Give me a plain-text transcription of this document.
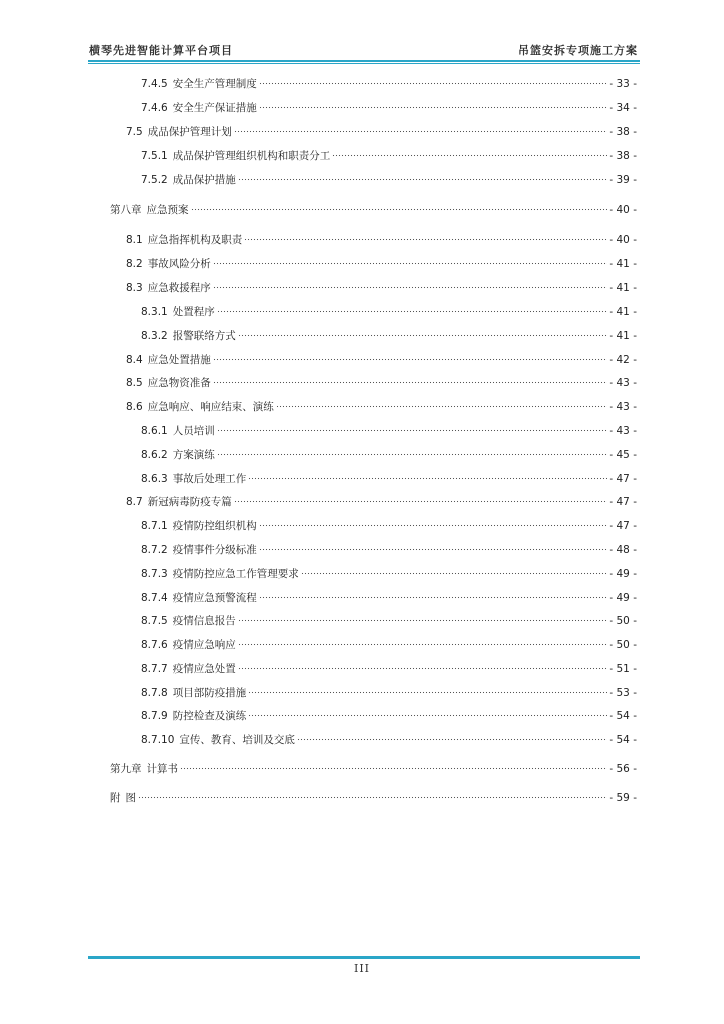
横琴先进智能计算平台项目	吊篮安拆专项施工方案
7.4.5 安全生产管理制度	- 33 -
7.4.6 安全生产保证措施	- 34 -
7.5 成品保护管理计划	- 38 -
7.5.1 成品保护管理组织机构和职责分工	- 38 -
7.5.2 成品保护措施	- 39 -
第八章 应急预案	- 40 -
8.1 应急指挥机构及职责	- 40 -
8.2 事故风险分析	- 41 -
8.3 应急救援程序	- 41 -
8.3.1 处置程序	- 41 -
8.3.2 报警联络方式	- 41 -
8.4 应急处置措施	- 42 -
8.5 应急物资准备	- 43 -
8.6 应急响应、响应结束、演练	- 43 -
8.6.1 人员培训	- 43 -
8.6.2 方案演练	- 45 -
8.6.3 事故后处理工作	- 47 -
8.7 新冠病毒防疫专篇	- 47 -
8.7.1 疫情防控组织机构	- 47 -
8.7.2 疫情事件分级标准	- 48 -
8.7.3 疫情防控应急工作管理要求	- 49 -
8.7.4 疫情应急预警流程	- 49 -
8.7.5 疫情信息报告	- 50 -
8.7.6 疫情应急响应	- 50 -
8.7.7 疫情应急处置	- 51 -
8.7.8 项目部防疫措施	- 53 -
8.7.9 防控检查及演练	- 54 -
8.7.10 宣传、教育、培训及交底	- 54 -
第九章 计算书	- 56 -
附 图	- 59 -
III
